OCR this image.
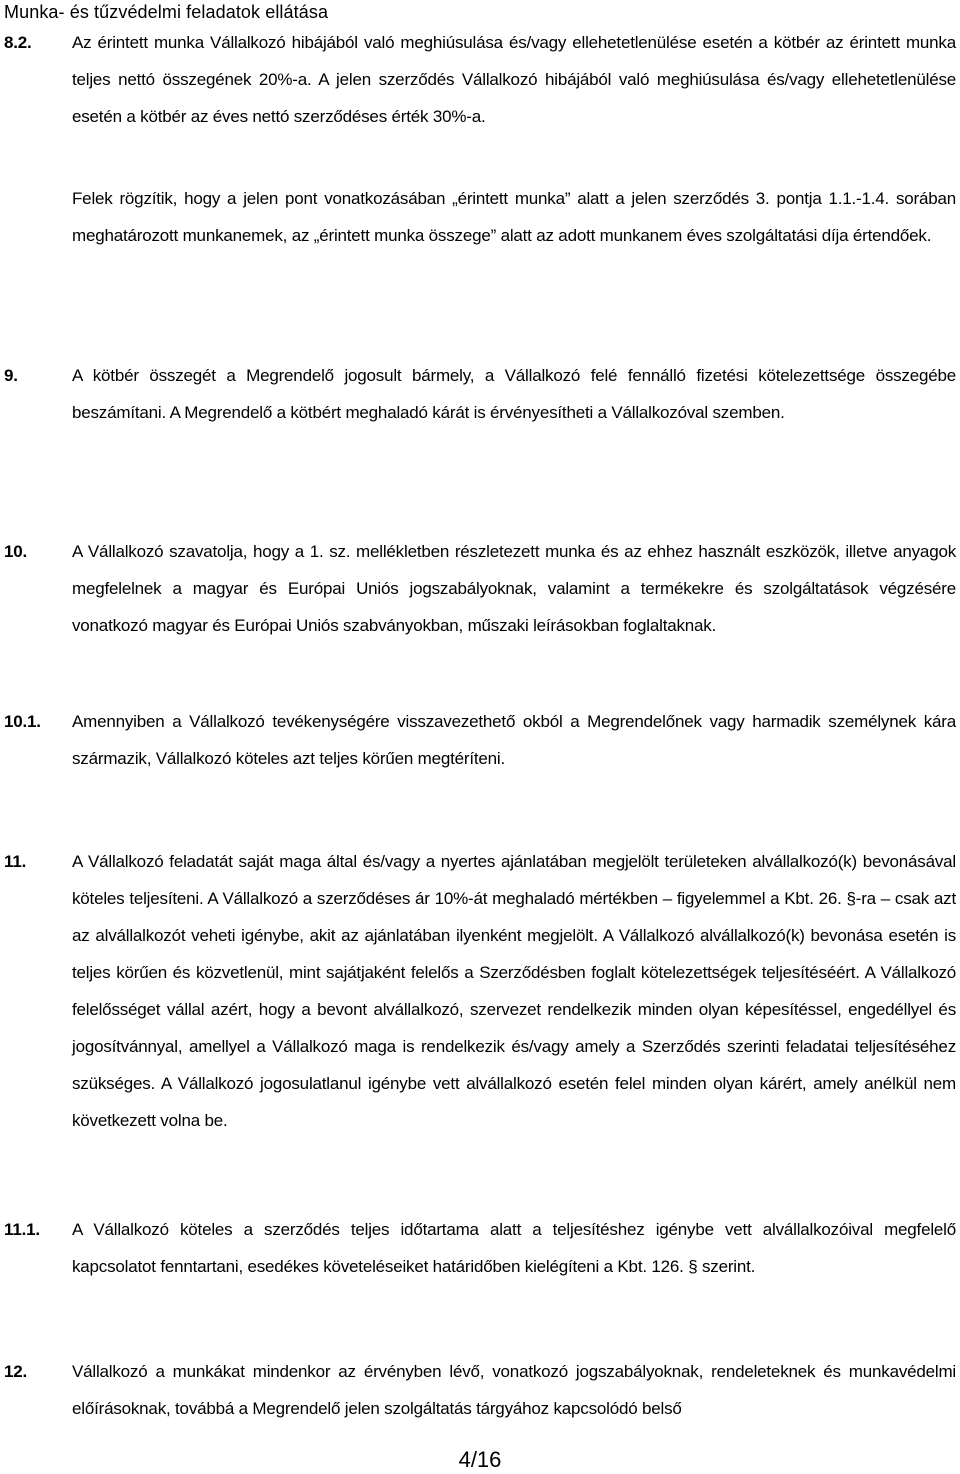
Munka- és tűzvédelmi feladatok ellátása
8.2. Az érintett munka Vállalkozó hibájából való meghiúsulása és/vagy ellehetetlenülése esetén a kötbér az érintett munka teljes nettó összegének 20%-a. A jelen szerződés Vállalkozó hibájából való meghiúsulása és/vagy ellehetetlenülése esetén a kötbér az éves nettó szerződéses érték 30%-a.
Felek rögzítik, hogy a jelen pont vonatkozásában „érintett munka” alatt a jelen szerződés 3. pontja 1.1.-1.4. sorában meghatározott munkanemek, az „érintett munka összege” alatt az adott munkanem éves szolgáltatási díja értendőek.
9.	A kötbér összegét a Megrendelő jogosult bármely, a Vállalkozó felé fennálló fizetési kötelezettsége összegébe beszámítani. A Megrendelő a kötbért meghaladó kárát is érvényesítheti a Vállalkozóval szemben.
10.	A Vállalkozó szavatolja, hogy a 1. sz. mellékletben részletezett munka és az ehhez használt eszközök, illetve anyagok megfelelnek a magyar és Európai Uniós jogszabályoknak, valamint a termékekre és szolgáltatások végzésére vonatkozó magyar és Európai Uniós szabványokban, műszaki leírásokban foglaltaknak.
10.1. Amennyiben a Vállalkozó tevékenységére visszavezethető okból a Megrendelőnek vagy harmadik személynek kára származik, Vállalkozó köteles azt teljes körűen megtéríteni.
11.	A Vállalkozó feladatát saját maga által és/vagy a nyertes ajánlatában megjelölt területeken alvállalkozó(k) bevonásával köteles teljesíteni. A Vállalkozó a szerződéses ár 10%-át meghaladó mértékben – figyelemmel a Kbt. 26. §-ra – csak azt az alvállalkozót veheti igénybe, akit az ajánlatában ilyenként megjelölt. A Vállalkozó alvállalkozó(k) bevonása esetén is teljes körűen és közvetlenül, mint sajátjaként felelős a Szerződésben foglalt kötelezettségek teljesítéséért. A Vállalkozó felelősséget vállal azért, hogy a bevont alvállalkozó, szervezet rendelkezik minden olyan képesítéssel, engedéllyel és jogosítvánnyal, amellyel a Vállalkozó maga is rendelkezik és/vagy amely a Szerződés szerinti feladatai teljesítéséhez szükséges. A Vállalkozó jogosulatlanul igénybe vett alvállalkozó esetén felel minden olyan kárért, amely anélkül nem következett volna be.
11.1. A Vállalkozó köteles a szerződés teljes időtartama alatt a teljesítéshez igénybe vett alvállalkozóival megfelelő kapcsolatot fenntartani, esedékes követeléseiket határidőben kielégíteni a Kbt. 126. § szerint.
12.	Vállalkozó a munkákat mindenkor az érvényben lévő, vonatkozó jogszabályoknak, rendeleteknek és munkavédelmi előírásoknak, továbbá a Megrendelő jelen szolgáltatás tárgyához kapcsolódó belső
4/16
